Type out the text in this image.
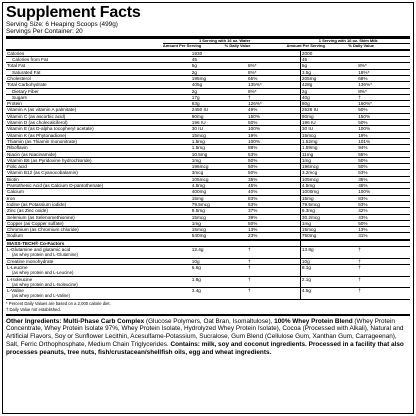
Supplement Facts
Serving Size: 6 Heaping Scoops (499g)
Servings Per Container: 20
1 Serving with 16 oz. Water
Amount Per Serving	% Daily Value
1 Serving with 16 oz. Skim Milk
Amount Per Serving	% Daily Value
Calories	1930		2000	
Calories from Fat	45		45	
Total Fat	5g	8%*	5g	8%*
Saturated Fat	2g	8%*	3.5g	18%*
Cholesterol	195mg	65%	205mg	68%
Total Carbohydrate	405g	135%*	428g	136%*
Dietary Fiber	2g	8%*	2g	8%*
Sugars	17g	†	40g	†
Protein	63g	126%*	80g	160%*
Vitamin A (as vitamin A palmitate)	2450 IU	49%	2528 IU	50%
Vitamin C (as ascorbic acid)	90mg	150%	90mg	150%
Vitamin D (as cholecalciferol)	196 IU	50%	196 IU	50%
Vitamin E (as D-alpha tocopheryl acetate)	30 IU	100%	30 IU	100%
Vitamin K (as Phytonadione)	15mcg	19%	15mcg	19%
Thiamin (as Thiamin mononitrate)	1.5mg	100%	1.52mg	101%
Riboflavin	1.5mg	88%	1.59mg	94%
Niacin (as Niacinamide)	10.5mg	53%	11mg	55%
Vitamin B6 (as Pyridoxine hydrochloride)	1mg	50%	1mg	50%
Folic acid	196mcg	50%	196mcg	50%
Vitamin B12 (as Cyanocobalamin)	3mcg	50%	3.2mcg	53%
Biotin	105mcg	35%	105mcg	35%
Pantothenic Acid (as Calcium D-pantothenate)	4.5mg	45%	4.5mg	45%
Calcium	400mg	40%	1000mg	100%
Iron	15mg	83%	15mg	83%
Iodine (as Potassium iodide)	79.5mcg	53%	79.5mcg	53%
Zinc (as Zinc oxide)	5.5mg	37%	6.3mg	42%
Selenium (as Selenomethionine)	15mcg	39%	30.2mcg	43%
Copper (as Copper sulfate)	1mg	50%	1mg	50%
Chromium (as Chromium chloride)	15mcg	13%	15mcg	13%
Sodium	540mg	23%	750mg	31%
MASS-TECH® Co-Factors				
L-Glutamine and glutamic acid	12.4g	†	13.8g	†
(as whey protein and L-Glutamine)				
Creatine monohydrate	10g	†	10g	†
L-Leucine	6.6g	†	8.1g	†
(as whey protein and L-Leucine)				
L-Isoleucine	1.8g	†	2.1g	†
(as whey protein and L-Isoleucine)				
L-Valine	3.4g	†	4.5g	†
(as whey protein and L-Valine)				
* Percent Daily Values are based on a 2,000 calorie diet.
† Daily Value not established.
Other Ingredients: Multi-Phase Carb Complex (Glucose Polymers, Oat Bran, Isomaltulose), 100% Whey Protein Blend (Whey Protein Concentrate, Whey Protein Isolate 97%, Whey Protein Isolate, Hydrolyzed Whey Protein Isolate), Cocoa (Processed with Alkali), Natural and Artificial Flavors, Soy or Sunflower Lecithin, Acesulfame-Potassium, Sucralose, Gum Blend (Cellulose Gum, Xanthan Gum, Carrageenan), Salt, Ferric Orthophosphate, Medium Chain Triglycerides. Contains: milk, soy and coconut ingredients. Processed in a facility that also processes peanuts, tree nuts, fish/crustacean/shellfish oils, egg and wheat ingredients.
